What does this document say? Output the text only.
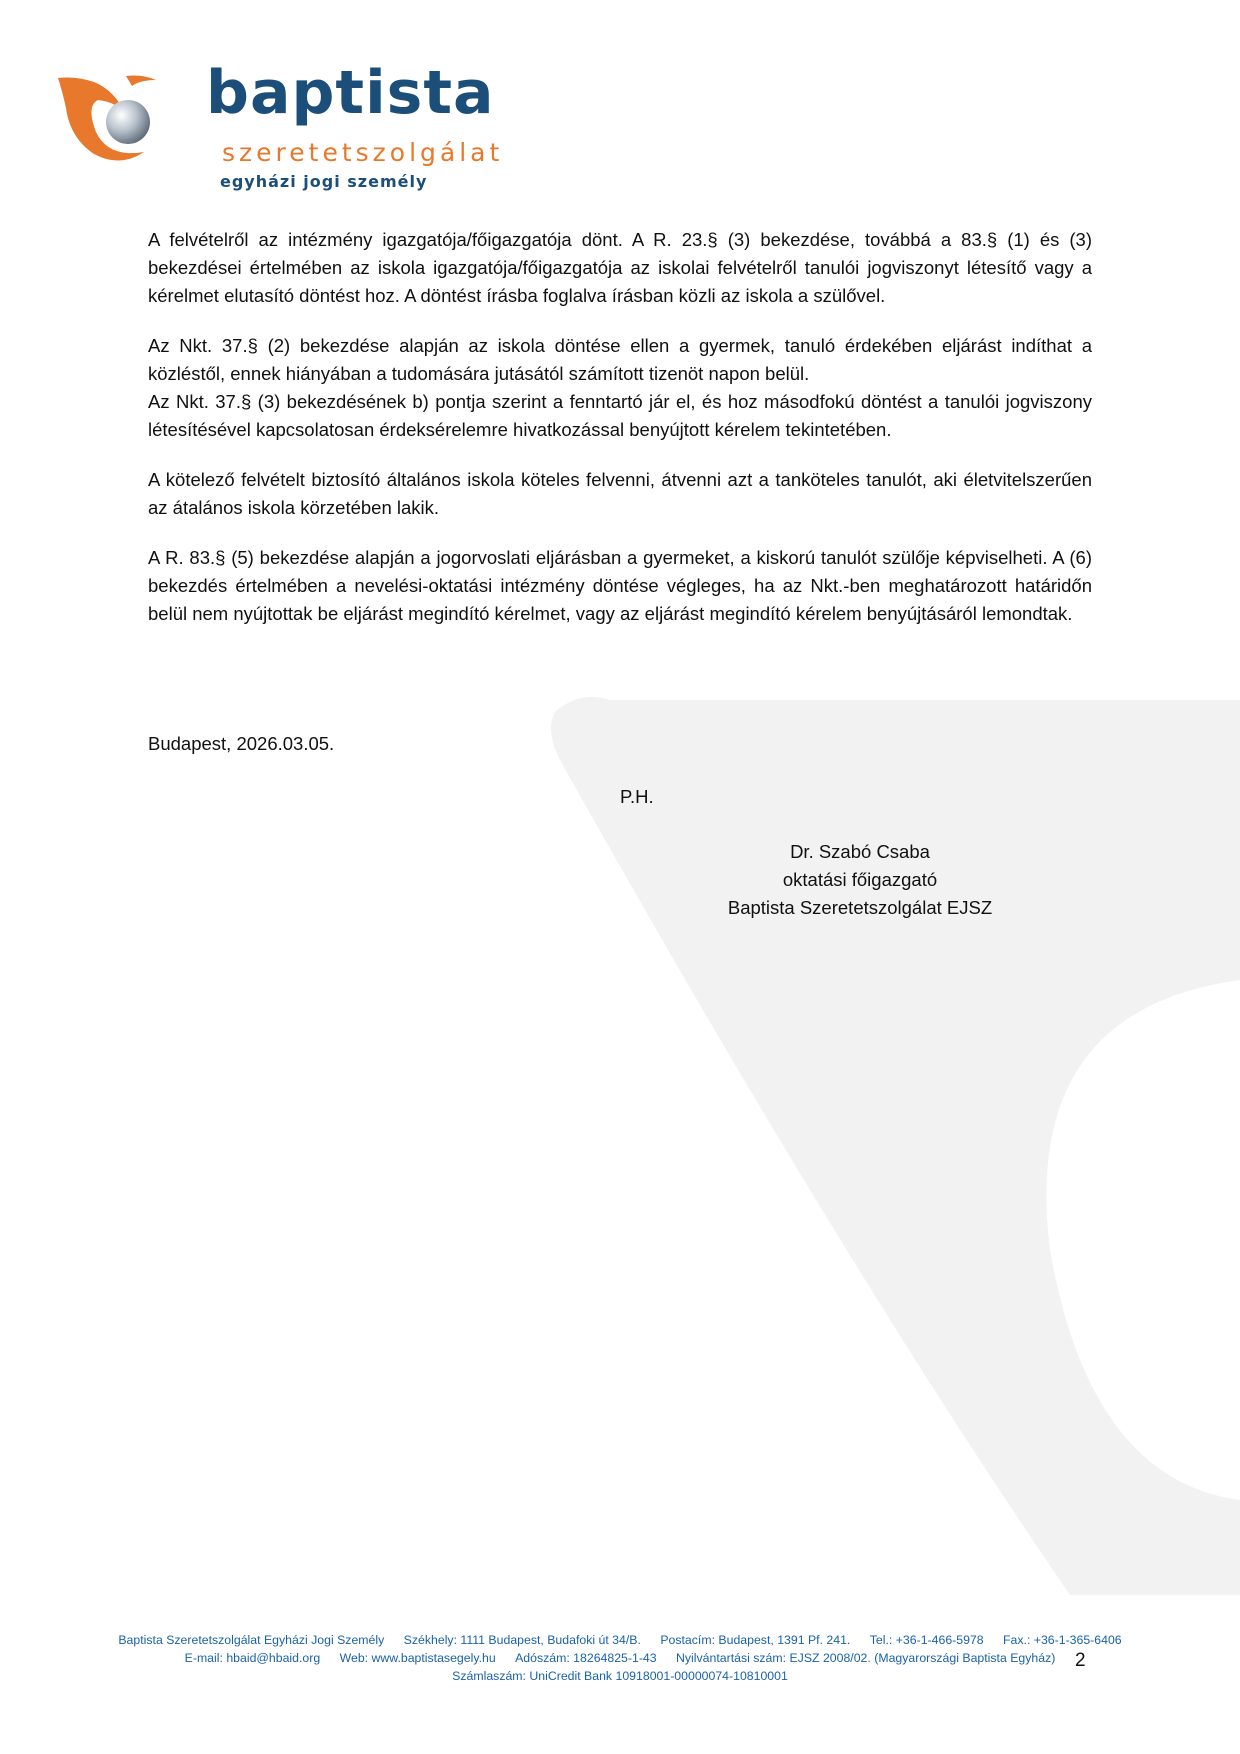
baptista
szeretetszolgálat
egyházi jogi személy

A felvételről az intézmény igazgatója/főigazgatója dönt. A R. 23.§ (3) bekezdése, továbbá a 83.§ (1) és (3) bekezdései értelmében az iskola igazgatója/főigazgatója az iskolai felvételről tanulói jogviszonyt létesítő vagy a kérelmet elutasító döntést hoz. A döntést írásba foglalva írásban közli az iskola a szülővel.

Az Nkt. 37.§ (2) bekezdése alapján az iskola döntése ellen a gyermek, tanuló érdekében eljárást indíthat a közléstől, ennek hiányában a tudomására jutásától számított tizenöt napon belül.

Az Nkt. 37.§ (3) bekezdésének b) pontja szerint a fenntartó jár el, és hoz másodfokú döntést a tanulói jogviszony létesítésével kapcsolatosan érdeksérelemre hivatkozással benyújtott kérelem tekintetében.

A kötelező felvételt biztosító általános iskola köteles felvenni, átvenni azt a tanköteles tanulót, aki életvitelszerűen az átalános iskola körzetében lakik.

A R. 83.§ (5) bekezdése alapján a jogorvoslati eljárásban a gyermeket, a kiskorú tanulót szülője képviselheti. A (6) bekezdés értelmében a nevelési-oktatási intézmény döntése végleges, ha az Nkt.-ben meghatározott határidőn belül nem nyújtottak be eljárást megindító kérelmet, vagy az eljárást megindító kérelem benyújtásáról lemondtak.

Budapest, 2026.03.05.
P.H.
Dr. Szabó Csaba
oktatási főigazgató
Baptista Szeretetszolgálat EJSZ
Baptista Szeretetszolgálat Egyházi Jogi Személy Székhely: 1111 Budapest, Budafoki út 34/B. Postacím: Budapest, 1391 Pf. 241. Tel.: +36-1-466-5978 Fax.: +36-1-365-6406
E-mail: hbaid@hbaid.org Web: www.baptistasegely.hu Adószám: 18264825-1-43 Nyilvántartási szám: EJSZ 2008/02. (Magyarországi Baptista Egyház)
Számlaszám: UniCredit Bank 10918001-00000074-10810001
2
